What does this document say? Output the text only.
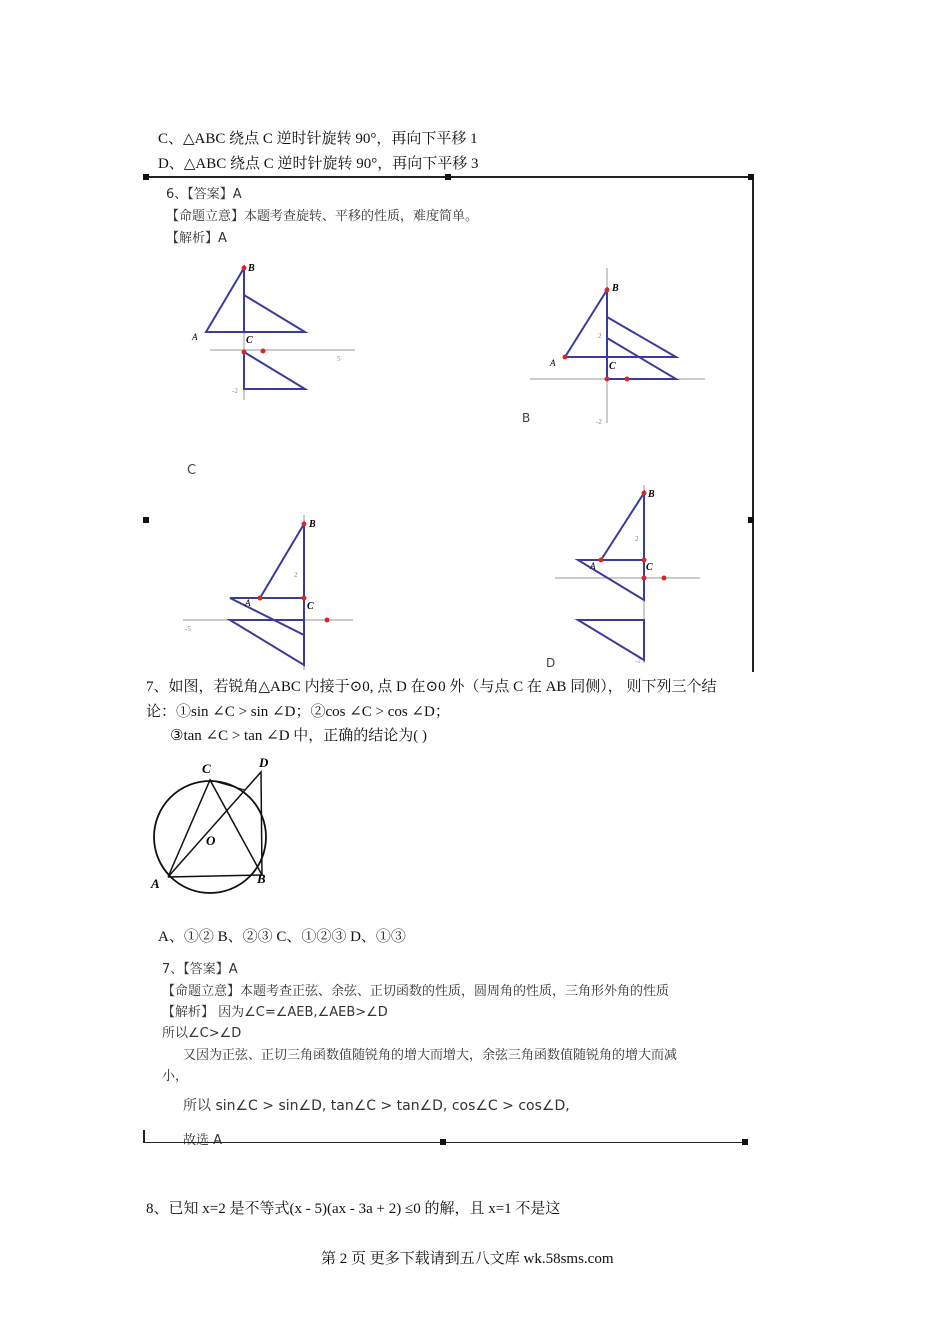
C、△ABC 绕点 C 逆时针旋转 90°，再向下平移 1
D、△ABC 绕点 C 逆时针旋转 90°，再向下平移 3
6、【答案】A
【命题立意】本题考查旋转、平移的性质，难度简单。
【解析】A
B
A	C
5
-2
B
A	C
2
-2
B
C
B
A	C
2
-5
B
A	C
2
-2
D
7、如图，若锐角△ABC 内接于⊙0, 点 D 在⊙0 外（与点 C 在 AB 同侧）， 则下列三个结
论：①sin ∠C > sin ∠D；②cos ∠C > cos ∠D；
③tan ∠C > tan ∠D 中，正确的结论为( )
C	D
O
A	B
A、①② B、②③ C、①②③ D、①③
7、【答案】A
【命题立意】本题考查正弦、余弦、正切函数的性质，圆周角的性质，三角形外角的性质
【解析】 因为∠C=∠AEB,∠AEB>∠D
所以∠C>∠D
又因为正弦、正切三角函数值随锐角的增大而增大，余弦三角函数值随锐角的增大而减
小，
所以 sin∠C > sin∠D, tan∠C > tan∠D, cos∠C > cos∠D,
故选 A
8、已知 x=2 是不等式(x - 5)(ax - 3a + 2) ≤0 的解，且 x=1 不是这
第 2 页 更多下载请到五八文库 wk.58sms.com
